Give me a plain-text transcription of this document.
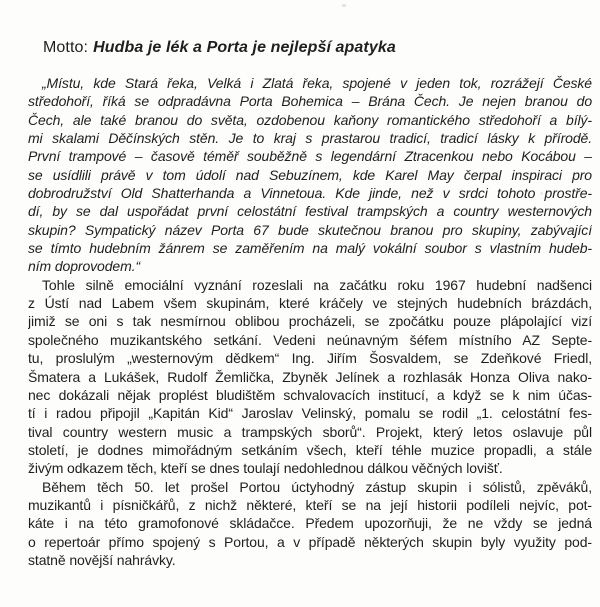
Motto: Hudba je lék a Porta je nejlepší apatyka
„Místu, kde Stará řeka, Velká i Zlatá řeka, spojené v jeden tok, rozrážejí České
středohoří, říká se odpradávna Porta Bohemica – Brána Čech. Je nejen branou do
Čech, ale také branou do světa, ozdobenou kaňony romantického středohoří a bílý-
mi skalami Děčínských stěn. Je to kraj s prastarou tradicí, tradicí lásky k přírodě.
První trampové – časově téměř souběžně s legendární Ztracenkou nebo Kocábou –
se usídlili právě v tom údolí nad Sebuzínem, kde Karel May čerpal inspiraci pro
dobrodružství Old Shatterhanda a Vinnetoua. Kde jinde, než v srdci tohoto prostře-
dí, by se dal uspořádat první celostátní festival trampských a country westernových
skupin? Sympatický název Porta 67 bude skutečnou branou pro skupiny, zabývající
se tímto hudebním žánrem se zaměřením na malý vokální soubor s vlastním hudeb-
ním doprovodem.“
Tohle silně emociální vyznání rozeslali na začátku roku 1967 hudební nadšenci
z Ústí nad Labem všem skupinám, které kráčely ve stejných hudebních brázdách,
jimiž se oni s tak nesmírnou oblibou procházeli, se zpočátku pouze plápolající vizí
společného muzikantského setkání. Vedeni neúnavným šéfem místního AZ Septe-
tu, proslulým „westernovým dědkem“ Ing. Jiřím Šosvaldem, se Zdeňkové Friedl,
Šmatera a Lukášek, Rudolf Žemlička, Zbyněk Jelínek a rozhlasák Honza Oliva nako-
nec dokázali nějak proplést bludištěm schvalovacích institucí, a když se k nim účas-
tí i radou připojil „Kapitán Kid“ Jaroslav Velinský, pomalu se rodil „1. celostátní fes-
tival country western music a trampských sborů“. Projekt, který letos oslavuje půl
století, je dodnes mimořádným setkáním všech, kteří téhle muzice propadli, a stále
živým odkazem těch, kteří se dnes toulají nedohlednou dálkou věčných lovišť.
Během těch 50. let prošel Portou úctyhodný zástup skupin i sólistů, zpěváků,
muzikantů i písničkářů, z nichž některé, kteří se na její historii podíleli nejvíc, pot-
káte i na této gramofonové skládačce. Předem upozorňuji, že ne vždy se jedná
o repertoár přímo spojený s Portou, a v případě některých skupin byly využity pod-
statně novější nahrávky.
